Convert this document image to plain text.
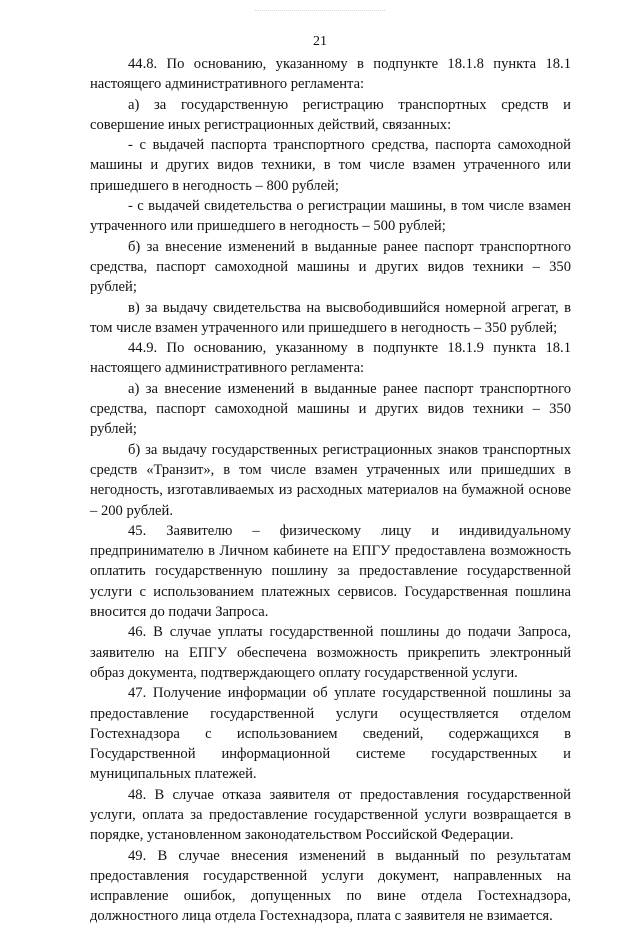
21

44.8. По основанию, указанному в подпункте 18.1.8 пункта 18.1 настоящего административного регламента:

а) за государственную регистрацию транспортных средств и совершение иных регистрационных действий, связанных:

- с выдачей паспорта транспортного средства, паспорта самоходной машины и других видов техники, в том числе взамен утраченного или пришедшего в негодность – 800 рублей;

- с выдачей свидетельства о регистрации машины, в том числе взамен утраченного или пришедшего в негодность – 500 рублей;

б) за внесение изменений в выданные ранее паспорт транспортного средства, паспорт самоходной машины и других видов техники – 350 рублей;

в) за выдачу свидетельства на высвободившийся номерной агрегат, в том числе взамен утраченного или пришедшего в негодность – 350 рублей;

44.9. По основанию, указанному в подпункте 18.1.9 пункта 18.1 настоящего административного регламента:

а) за внесение изменений в выданные ранее паспорт транспортного средства, паспорт самоходной машины и других видов техники – 350 рублей;

б) за выдачу государственных регистрационных знаков транспортных средств «Транзит», в том числе взамен утраченных или пришедших в негодность, изготавливаемых из расходных материалов на бумажной основе – 200 рублей.

45. Заявителю – физическому лицу и индивидуальному предпринимателю в Личном кабинете на ЕПГУ предоставлена возможность оплатить государственную пошлину за предоставление государственной услуги с использованием платежных сервисов. Государственная пошлина вносится до подачи Запроса.

46. В случае уплаты государственной пошлины до подачи Запроса, заявителю на ЕПГУ обеспечена возможность прикрепить электронный образ документа, подтверждающего оплату государственной услуги.

47. Получение информации об уплате государственной пошлины за предоставление государственной услуги осуществляется отделом Гостехнадзора с использованием сведений, содержащихся в Государственной информационной системе государственных и муниципальных платежей.

48. В случае отказа заявителя от предоставления государственной услуги, оплата за предоставление государственной услуги возвращается в порядке, установленном законодательством Российской Федерации.

49. В случае внесения изменений в выданный по результатам предоставления государственной услуги документ, направленных на исправление ошибок, допущенных по вине отдела Гостехнадзора, должностного лица отдела Гостехнадзора, плата с заявителя не взимается.
